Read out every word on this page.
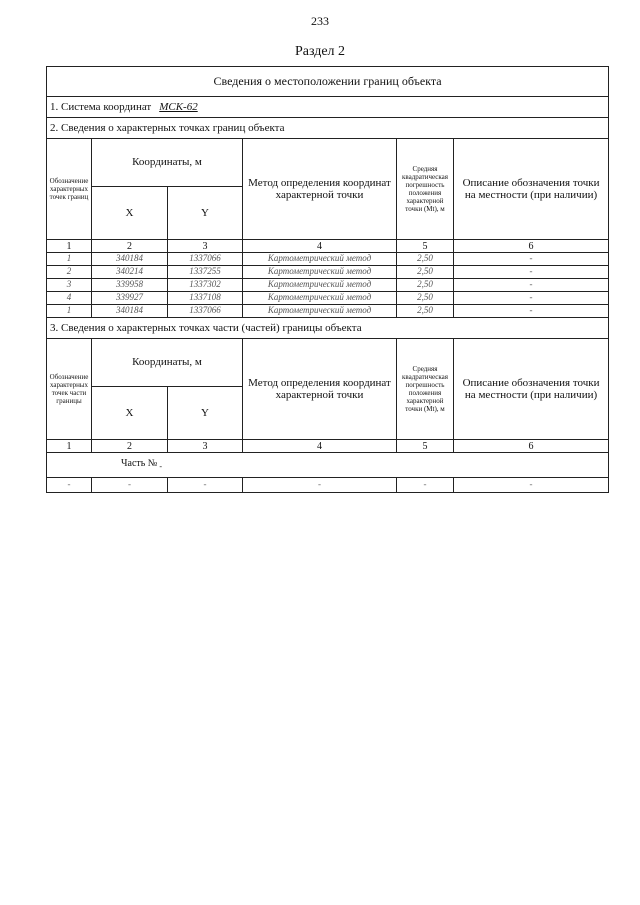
233
Раздел 2
Сведения о местоположении границ объекта					
1. Система координат МСК-62					
2. Сведения о характерных точках границ объекта					
Обозначение характерных точек границ	Координаты, м		Метод определения координат характерной точки	Средняя квадратическая погрешность положения характерной точки (Mt), м	Описание обозначения точки на местности (при наличии)
	X	Y			
1	2	3	4	5	6
1	340184	1337066	Картометрический метод	2,50	-
2	340214	1337255	Картометрический метод	2,50	-
3	339958	1337302	Картометрический метод	2,50	-
4	339927	1337108	Картометрический метод	2,50	-
1	340184	1337066	Картометрический метод	2,50	-
3. Сведения о характерных точках части (частей) границы объекта					
Обозначение характерных точек части границы	Координаты, м		Метод определения координат характерной точки	Средняя квадратическая погрешность положения характерной точки (Mt), м	Описание обозначения точки на местности (при наличии)
	X	Y			
1	2	3	4	5	6
Часть № $_-$
-	-	-	-	-	-
